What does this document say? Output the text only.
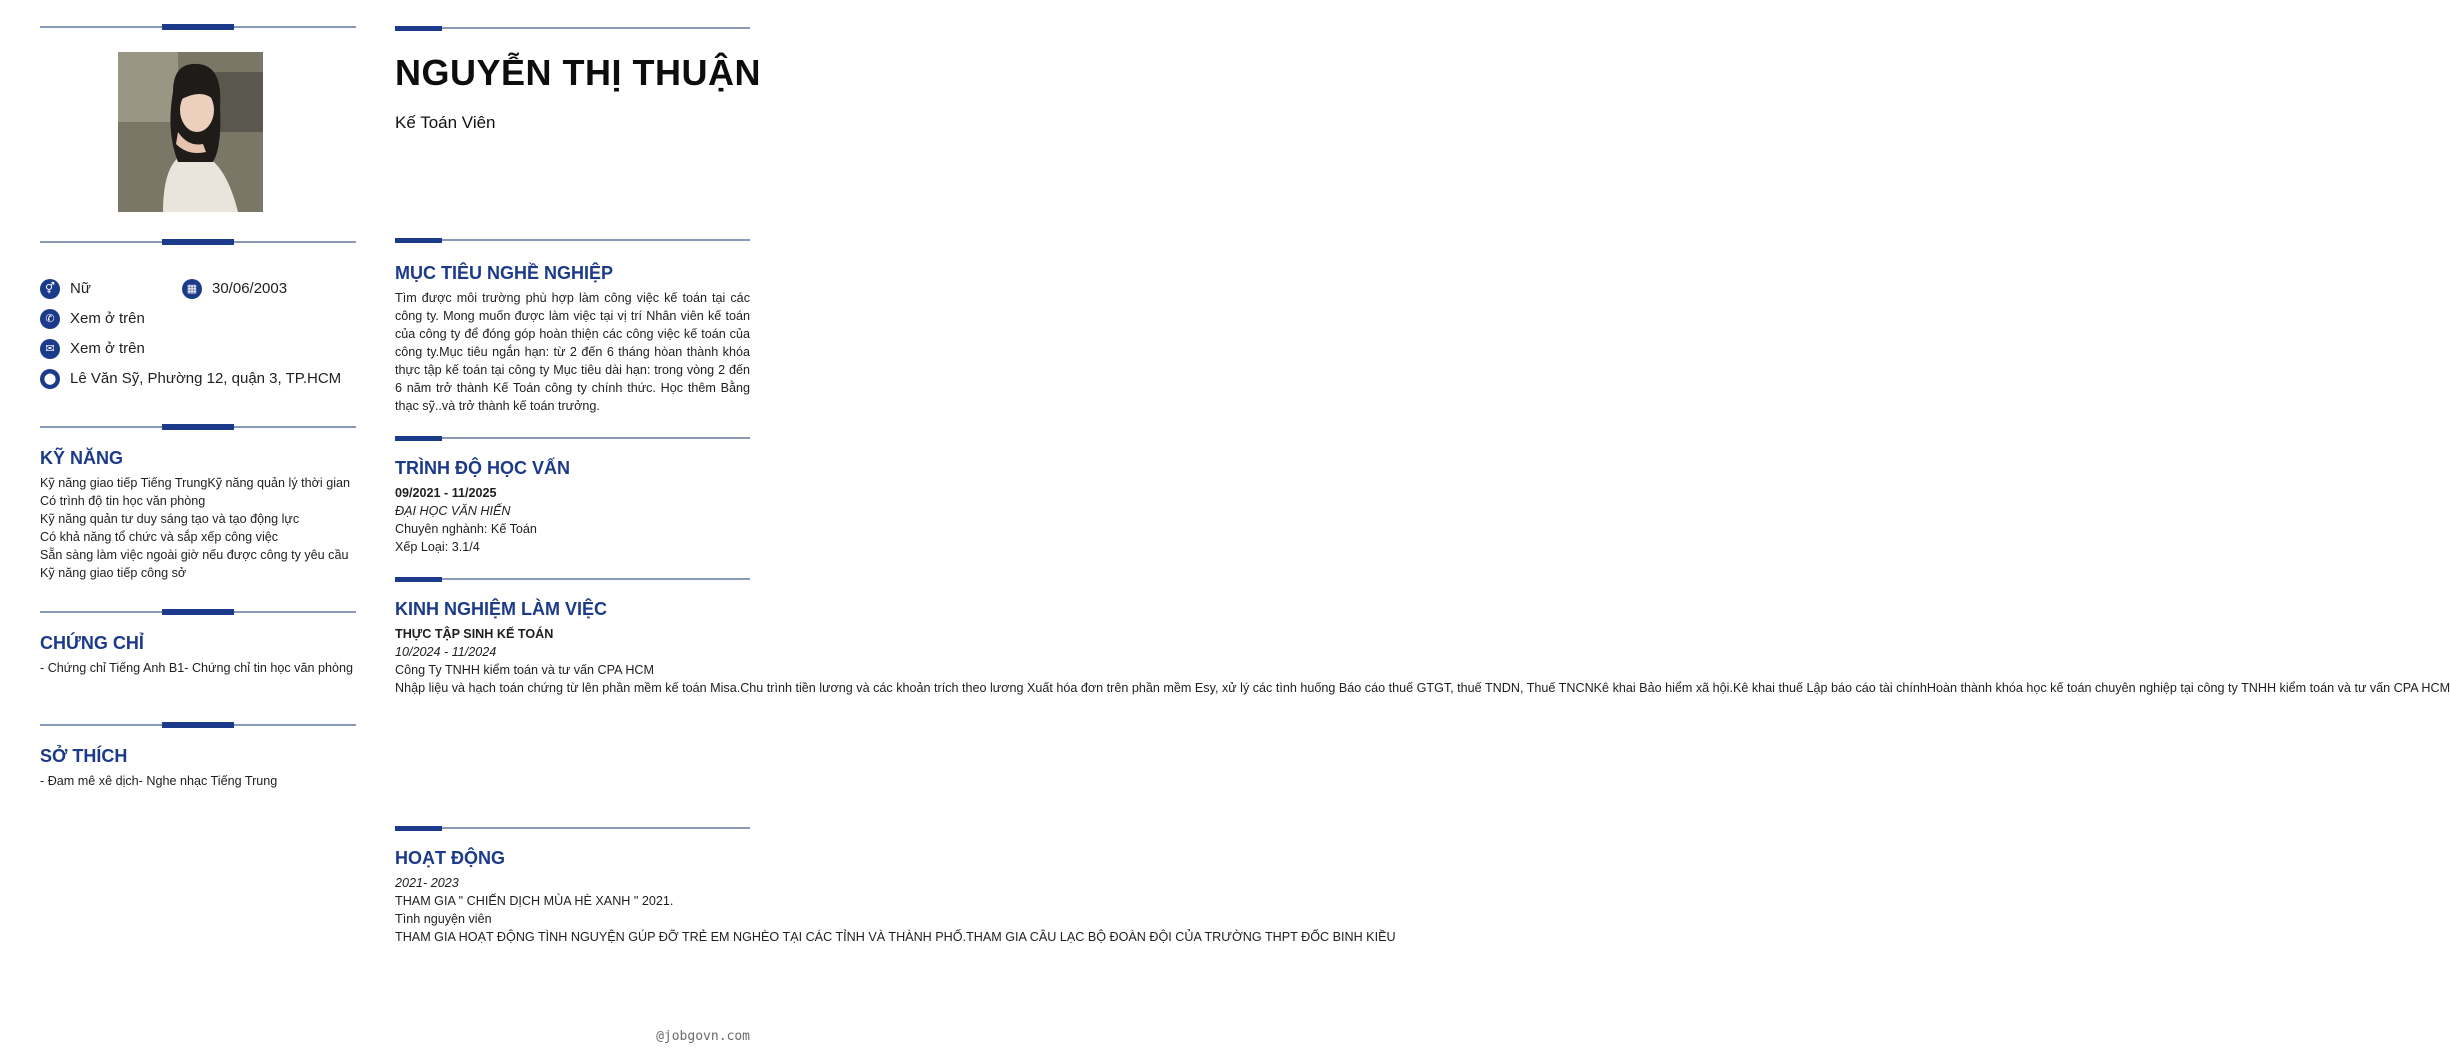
⚥	Nữ	▦ 30/06/2003
✆	Xem ở trên
✉	Xem ở trên
⬤ Lê Văn Sỹ, Phường 12, quận 3, TP.HCM
KỸ NĂNG
Kỹ năng giao tiếp Tiếng TrungKỹ năng quản lý thời gian
Có trình độ tin học văn phòng
Kỹ năng quản tư duy sáng tạo và tạo động lực
Có khả năng tổ chức và sắp xếp công việc
Sẵn sàng làm việc ngoài giờ nếu được công ty yêu cầu
Kỹ năng giao tiếp công sở
CHỨNG CHỈ
- Chứng chỉ Tiếng Anh B1- Chứng chỉ tin học văn phòng
SỞ THÍCH
- Đam mê xê dịch- Nghe nhạc Tiếng Trung
NGUYỄN THỊ THUẬN
Kế Toán Viên
MỤC TIÊU NGHỀ NGHIỆP
Tìm được môi trường phù hợp làm công việc kế toán tại các công ty. Mong muốn được làm việc tại vị trí Nhân viên kế toán của công ty để đóng góp hoàn thiện các công việc kế toán của công ty.Mục tiêu ngắn hạn: từ 2 đến 6 tháng hòan thành khóa thực tập kế toán tại công ty Mục tiêu dài hạn: trong vòng 2 đến 6 năm trở thành Kế Toán công ty chính thức. Học thêm Bằng thạc sỹ..và trở thành kế toán trưởng.
TRÌNH ĐỘ HỌC VẤN
09/2021 - 11/2025
ĐẠI HỌC VĂN HIẾN
Chuyên nghành: Kế Toán
Xếp Loại: 3.1/4
KINH NGHIỆM LÀM VIỆC
THỰC TẬP SINH KẾ TOÁN
10/2024 - 11/2024
Công Ty TNHH kiểm toán và tư vấn CPA HCM
Nhập liệu và hạch toán chứng từ lên phần mềm kế toán Misa.Chu trình tiền lương và các khoản trích theo lương Xuất hóa đơn trên phần mềm Esy, xử lý các tình huống Báo cáo thuế GTGT, thuế TNDN, Thuế TNCNKê khai Bảo hiểm xã hội.Kê khai thuế Lập báo cáo tài chínhHoàn thành khóa học kế toán chuyên nghiệp tại công ty TNHH kiểm toán và tư vấn CPA HCM
HOẠT ĐỘNG
2021- 2023
THAM GIA " CHIẾN DỊCH MÙA HÈ XANH " 2021.
Tình nguyện viên
THAM GIA HOẠT ĐỘNG TÌNH NGUYỆN GÚP ĐỠ TRẺ EM NGHÈO TẠI CÁC TỈNH VÀ THÀNH PHỐ.THAM GIA CÂU LẠC BỘ ĐOÀN ĐỘI CỦA TRƯỜNG THPT ĐỐC BINH KIỀU
@jobgovn.com
